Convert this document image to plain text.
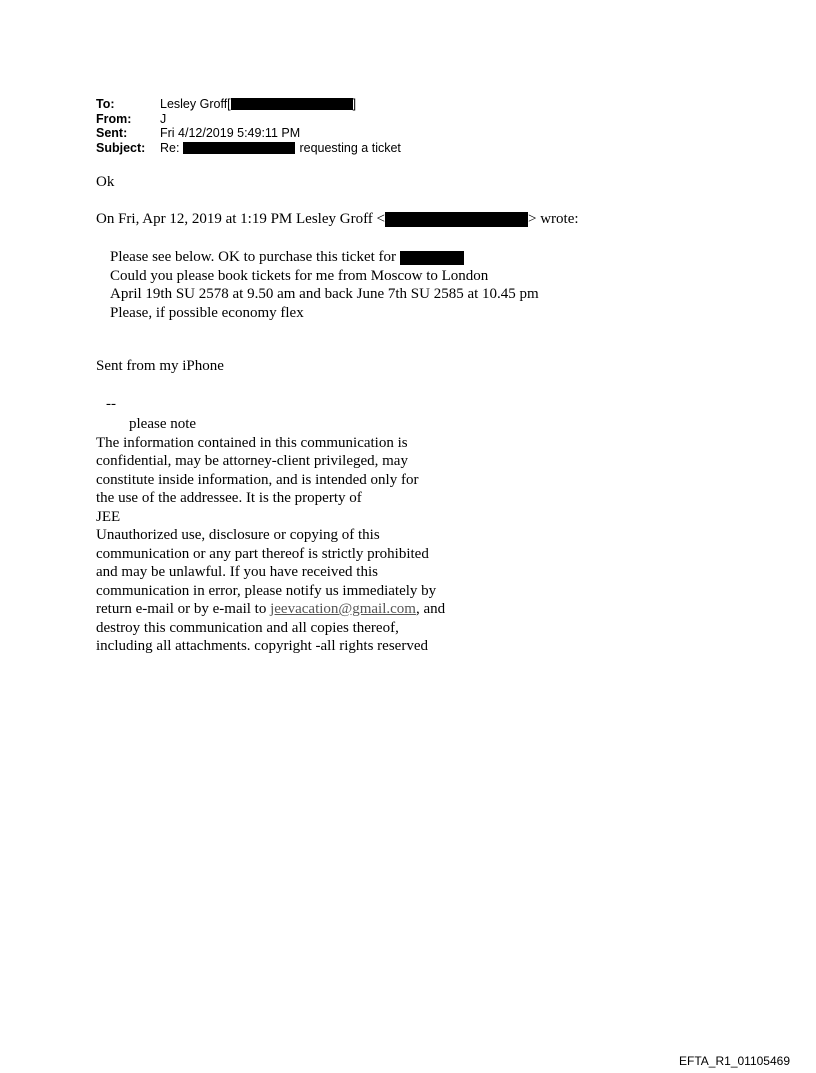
To:	Lesley Groff[	]
From:	J
Sent:	Fri 4/12/2019 5:49:11 PM
Subject:	Re:	requesting a ticket
Ok
On Fri, Apr 12, 2019 at 1:19 PM Lesley Groff <	> wrote:
Please see below. OK to purchase this ticket for
Could you please book tickets for me from Moscow to London
April 19th SU 2578 at 9.50 am and back June 7th SU 2585 at 10.45 pm
Please, if possible economy flex
Sent from my iPhone
--
please note
The information contained in this communication is
confidential, may be attorney-client privileged, may
constitute inside information, and is intended only for
the use of the addressee. It is the property of
JEE
Unauthorized use, disclosure or copying of this
communication or any part thereof is strictly prohibited
and may be unlawful. If you have received this
communication in error, please notify us immediately by
return e-mail or by e-mail to jeevacation@gmail.com, and
destroy this communication and all copies thereof,
including all attachments. copyright -all rights reserved
EFTA_R1_01105469
